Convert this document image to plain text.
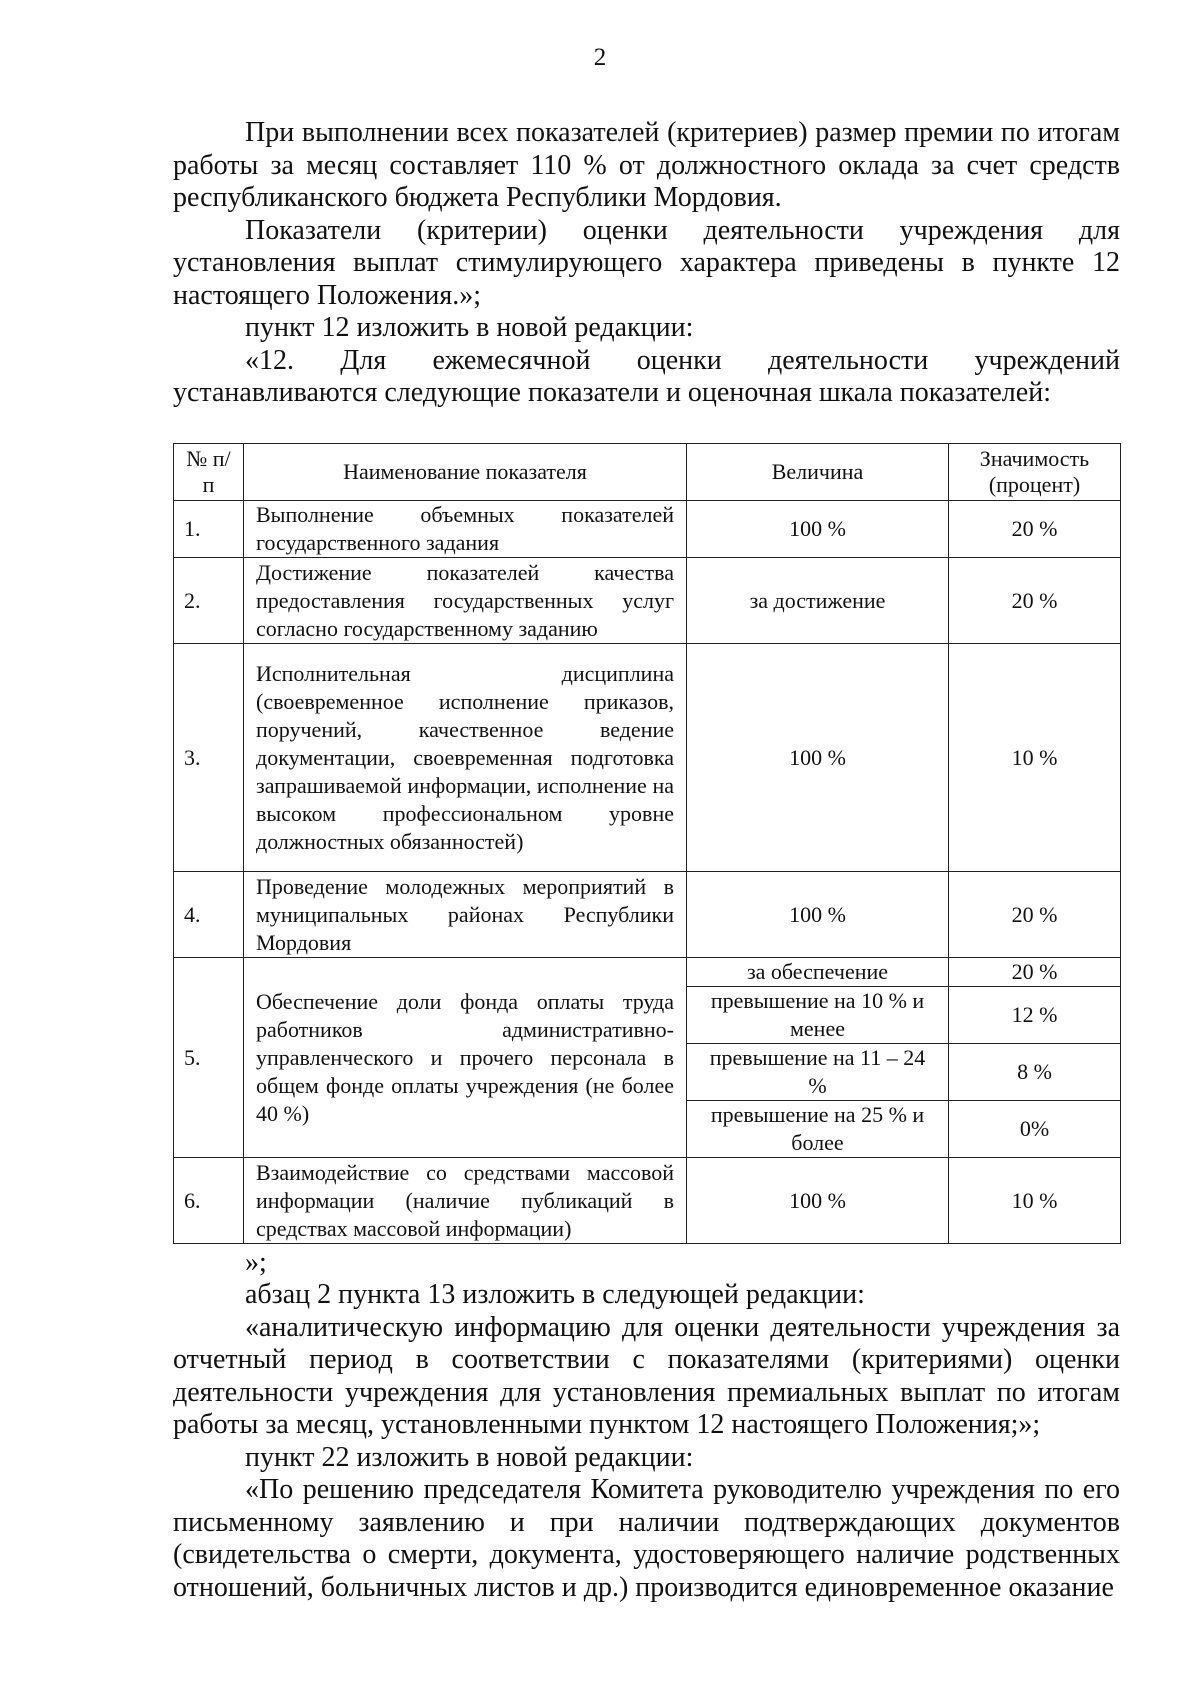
2

При выполнении всех показателей (критериев) размер премии по итогам работы за месяц составляет 110 % от должностного оклада за счет средств республиканского бюджета Республики Мордовия.

Показатели (критерии) оценки деятельности учреждения для установления выплат стимулирующего характера приведены в пункте 12 настоящего Положения.»;

пункт 12 изложить в новой редакции:

«12. Для ежемесячной оценки деятельности учреждений устанавливаются следующие показатели и оценочная шкала показателей:

№ п/п	Наименование показателя	Величина	Значимость (процент)
1.	Выполнение объемных показателей государственного задания	100 %	20 %
2.	Достижение показателей качества предоставления государственных услуг согласно государственному заданию	за достижение	20 %
3.	Исполнительная дисциплина (своевременное исполнение приказов, поручений, качественное ведение документации, своевременная подготовка запрашиваемой информации, исполнение на высоком профессиональном уровне должностных обязанностей)	100 %	10 %
4.	Проведение молодежных мероприятий в муниципальных районах Республики Мордовия	100 %	20 %
5.	Обеспечение доли фонда оплаты труда работников административно-управленческого и прочего персонала в общем фонде оплаты учреждения (не более 40 %)	за обеспечение	20 %
		превышение на 10 % и менее	12 %
		превышение на 11 – 24 %	8 %
		превышение на 25 % и более	0%
6.	Взаимодействие со средствами массовой информации (наличие публикаций в средствах массовой информации)	100 %	10 %
»;

абзац 2 пункта 13 изложить в следующей редакции:

«аналитическую информацию для оценки деятельности учреждения за отчетный период в соответствии с показателями (критериями) оценки деятельности учреждения для установления премиальных выплат по итогам работы за месяц, установленными пунктом 12 настоящего Положения;»;

пункт 22 изложить в новой редакции:

«По решению председателя Комитета руководителю учреждения по его письменному заявлению и при наличии подтверждающих документов (свидетельства о смерти, документа, удостоверяющего наличие родственных отношений, больничных листов и др.) производится единовременное оказание
